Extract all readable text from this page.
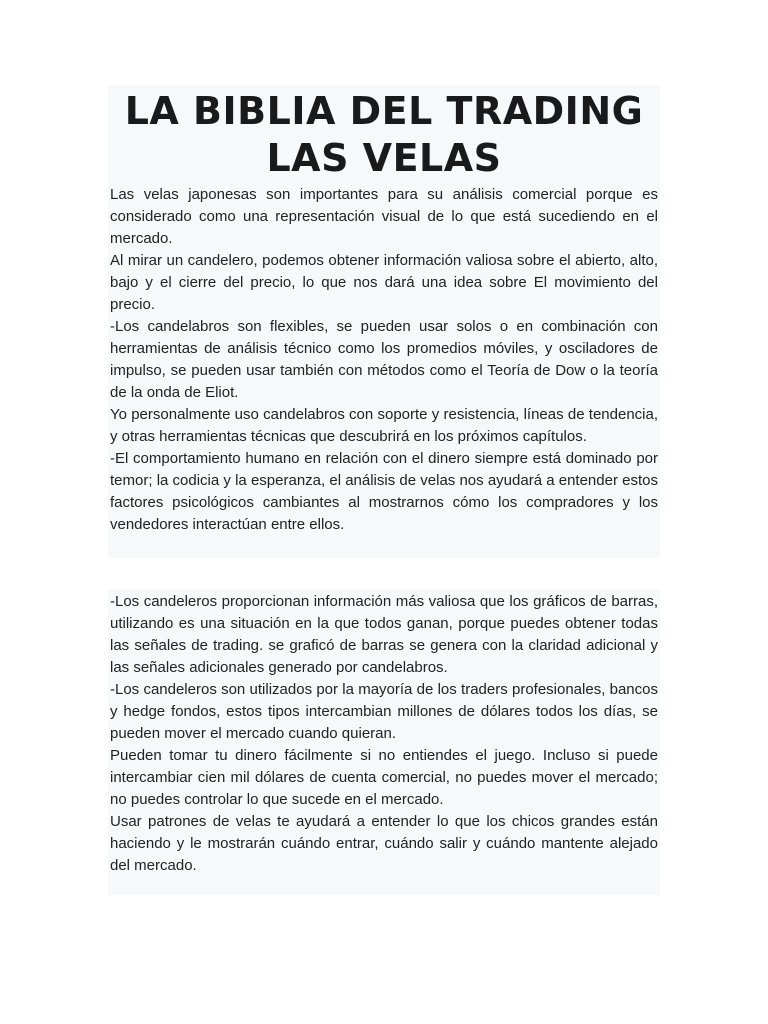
LA BIBLIA DEL TRADING
LAS VELAS

Las velas japonesas son importantes para su análisis comercial porque es considerado como una representación visual de lo que está sucediendo en el mercado.

Al mirar un candelero, podemos obtener información valiosa sobre el abierto, alto, bajo y el cierre del precio, lo que nos dará una idea sobre El movimiento del precio.

-Los candelabros son flexibles, se pueden usar solos o en combinación con herramientas de análisis técnico como los promedios móviles, y osciladores de impulso, se pueden usar también con métodos como el Teoría de Dow o la teoría de la onda de Eliot.

Yo personalmente uso candelabros con soporte y resistencia, líneas de tendencia, y otras herramientas técnicas que descubrirá en los próximos capítulos.

-El comportamiento humano en relación con el dinero siempre está dominado por temor; la codicia y la esperanza, el análisis de velas nos ayudará a entender estos factores psicológicos cambiantes al mostrarnos cómo los compradores y los vendedores interactúan entre ellos.

-Los candeleros proporcionan información más valiosa que los gráficos de barras, utilizando es una situación en la que todos ganan, porque puedes obtener todas las señales de trading. se graficó de barras se genera con la claridad adicional y las señales adicionales generado por candelabros.

-Los candeleros son utilizados por la mayoría de los traders profesionales, bancos y hedge fondos, estos tipos intercambian millones de dólares todos los días, se pueden mover el mercado cuando quieran.

Pueden tomar tu dinero fácilmente si no entiendes el juego. Incluso si puede intercambiar cien mil dólares de cuenta comercial, no puedes mover el mercado; no puedes controlar lo que sucede en el mercado.

Usar patrones de velas te ayudará a entender lo que los chicos grandes están haciendo y le mostrarán cuándo entrar, cuándo salir y cuándo mantente alejado del mercado.
